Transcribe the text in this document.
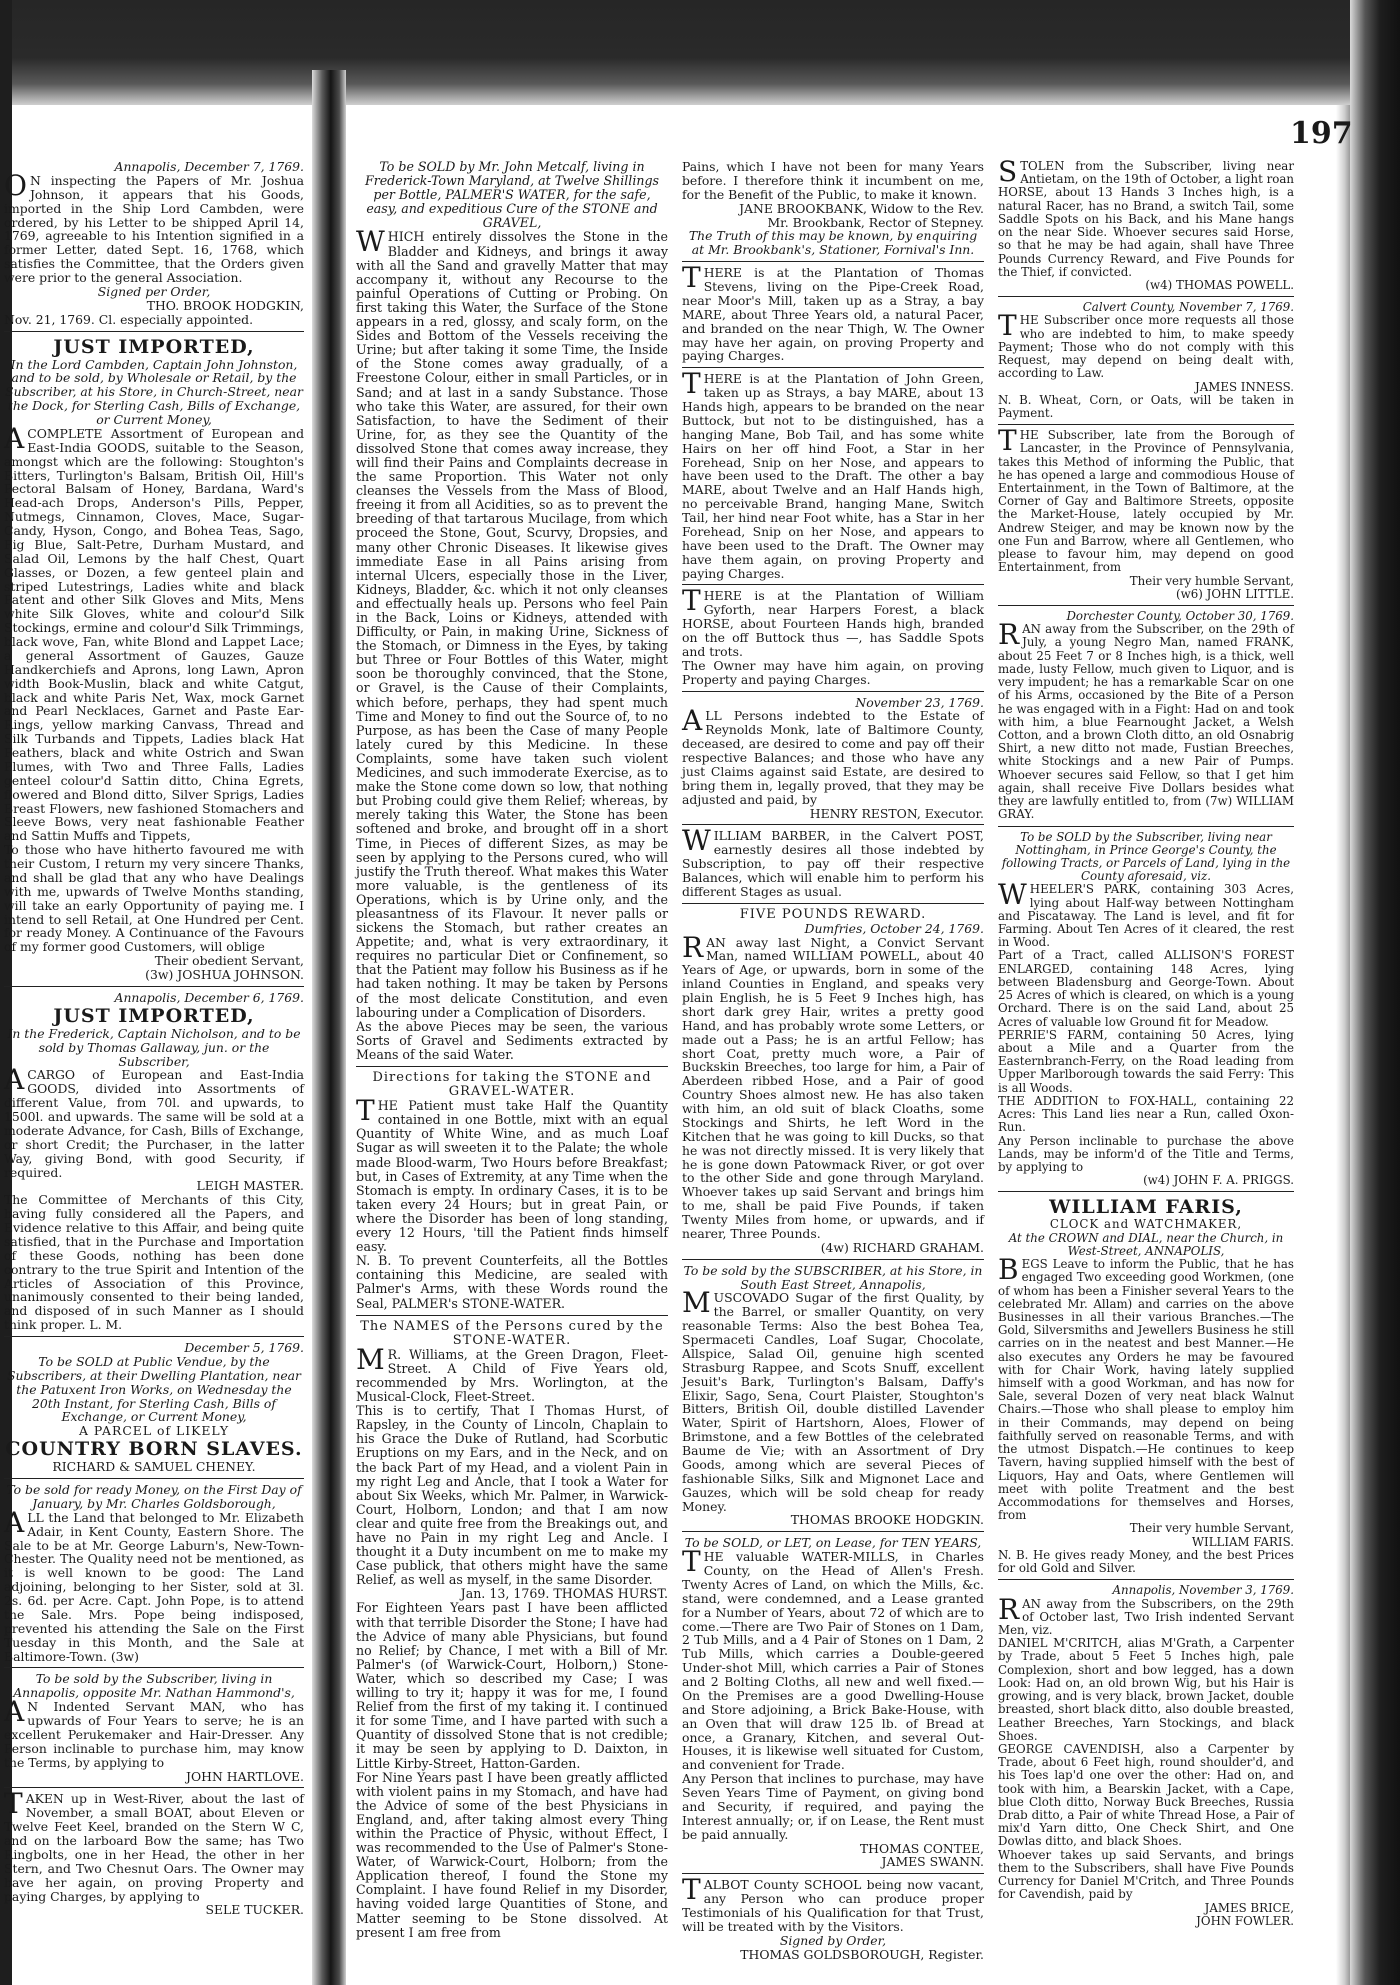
197

Annapolis, December 7, 1769.

ON inspecting the Papers of Mr. Joshua Johnson, it appears that his Goods, imported in the Ship Lord Cambden, were ordered, by his Letter to be shipped April 14, 1769, agreeable to his Intention signified in a former Letter, dated Sept. 16, 1768, which satisfies the Committee, that the Orders given were prior to the general Association.

Signed per Order,

THO. BROOK HODGKIN,

Nov. 21, 1769. Cl. especially appointed.

JUST IMPORTED,

In the Lord Cambden, Captain John Johnston, and to be sold, by Wholesale or Retail, by the Subscriber, at his Store, in Church-Street, near the Dock, for Sterling Cash, Bills of Exchange, or Current Money,

ACOMPLETE Assortment of European and East-India GOODS, suitable to the Season, amongst which are the following: Stoughton's Bitters, Turlington's Balsam, British Oil, Hill's Pectoral Balsam of Honey, Bardana, Ward's Head-ach Drops, Anderson's Pills, Pepper, Nutmegs, Cinnamon, Cloves, Mace, Sugar-Candy, Hyson, Congo, and Bohea Teas, Sago, Fig Blue, Salt-Petre, Durham Mustard, and Salad Oil, Lemons by the half Chest, Quart Glasses, or Dozen, a few genteel plain and striped Lutestrings, Ladies white and black Patent and other Silk Gloves and Mits, Mens white Silk Gloves, white and colour'd Silk Stockings, ermine and colour'd Silk Trimmings, black wove, Fan, white Blond and Lappet Lace; a general Assortment of Gauzes, Gauze Handkerchiefs and Aprons, long Lawn, Apron width Book-Muslin, black and white Catgut, black and white Paris Net, Wax, mock Garnet and Pearl Necklaces, Garnet and Paste Ear-Rings, yellow marking Canvass, Thread and Silk Turbands and Tippets, Ladies black Hat Feathers, black and white Ostrich and Swan Plumes, with Two and Three Falls, Ladies genteel colour'd Sattin ditto, China Egrets, flowered and Blond ditto, Silver Sprigs, Ladies Breast Flowers, new fashioned Stomachers and Sleeve Bows, very neat fashionable Feather and Sattin Muffs and Tippets,

To those who have hitherto favoured me with their Custom, I return my very sincere Thanks, and shall be glad that any who have Dealings with me, upwards of Twelve Months standing, will take an early Opportunity of paying me. I intend to sell Retail, at One Hundred per Cent. for ready Money. A Continuance of the Favours of my former good Customers, will oblige

Their obedient Servant,

(3w) JOSHUA JOHNSON.

Annapolis, December 6, 1769.

JUST IMPORTED,

In the Frederick, Captain Nicholson, and to be sold by Thomas Gallaway, jun. or the Subscriber,

ACARGO of European and East-India GOODS, divided into Assortments of different Value, from 70l. and upwards, to 1500l. and upwards. The same will be sold at a moderate Advance, for Cash, Bills of Exchange, or short Credit; the Purchaser, in the latter Way, giving Bond, with good Security, if required.

LEIGH MASTER.

The Committee of Merchants of this City, having fully considered all the Papers, and Evidence relative to this Affair, and being quite satisfied, that in the Purchase and Importation of these Goods, nothing has been done contrary to the true Spirit and Intention of the Articles of Association of this Province, unanimously consented to their being landed, and disposed of in such Manner as I should think proper. L. M.

December 5, 1769.

To be SOLD at Public Vendue, by the Subscribers, at their Dwelling Plantation, near the Patuxent Iron Works, on Wednesday the 20th Instant, for Sterling Cash, Bills of Exchange, or Current Money,

A PARCEL of LIKELY

COUNTRY BORN SLAVES.

RICHARD & SAMUEL CHENEY.

To be sold for ready Money, on the First Day of January, by Mr. Charles Goldsborough,

ALL the Land that belonged to Mr. Elizabeth Adair, in Kent County, Eastern Shore. The Sale to be at Mr. George Laburn's, New-Town-Chester. The Quality need not be mentioned, as it is well known to be good: The Land adjoining, belonging to her Sister, sold at 3l. 2s. 6d. per Acre. Capt. John Pope, is to attend the Sale. Mrs. Pope being indisposed, prevented his attending the Sale on the First Tuesday in this Month, and the Sale at Baltimore-Town. (3w)

To be sold by the Subscriber, living in Annapolis, opposite Mr. Nathan Hammond's,

AN Indented Servant MAN, who has upwards of Four Years to serve; he is an excellent Perukemaker and Hair-Dresser. Any Person inclinable to purchase him, may know the Terms, by applying to

JOHN HARTLOVE.

TAKEN up in West-River, about the last of November, a small BOAT, about Eleven or Twelve Feet Keel, branded on the Stern W C, and on the larboard Bow the same; has Two Ringbolts, one in her Head, the other in her Stern, and Two Chesnut Oars. The Owner may have her again, on proving Property and paying Charges, by applying to

SELE TUCKER.

To be SOLD by Mr. John Metcalf, living in Frederick-Town Maryland, at Twelve Shillings per Bottle, PALMER'S WATER, for the safe, easy, and expeditious Cure of the STONE and GRAVEL,

WHICH entirely dissolves the Stone in the Bladder and Kidneys, and brings it away with all the Sand and gravelly Matter that may accompany it, without any Recourse to the painful Operations of Cutting or Probing. On first taking this Water, the Surface of the Stone appears in a red, glossy, and scaly form, on the Sides and Bottom of the Vessels receiving the Urine; but after taking it some Time, the Inside of the Stone comes away gradually, of a Freestone Colour, either in small Particles, or in Sand; and at last in a sandy Substance. Those who take this Water, are assured, for their own Satisfaction, to have the Sediment of their Urine, for, as they see the Quantity of the dissolved Stone that comes away increase, they will find their Pains and Complaints decrease in the same Proportion. This Water not only cleanses the Vessels from the Mass of Blood, freeing it from all Acidities, so as to prevent the breeding of that tartarous Mucilage, from which proceed the Stone, Gout, Scurvy, Dropsies, and many other Chronic Diseases. It likewise gives immediate Ease in all Pains arising from internal Ulcers, especially those in the Liver, Kidneys, Bladder, &c. which it not only cleanses and effectually heals up. Persons who feel Pain in the Back, Loins or Kidneys, attended with Difficulty, or Pain, in making Urine, Sickness of the Stomach, or Dimness in the Eyes, by taking but Three or Four Bottles of this Water, might soon be thoroughly convinced, that the Stone, or Gravel, is the Cause of their Complaints, which before, perhaps, they had spent much Time and Money to find out the Source of, to no Purpose, as has been the Case of many People lately cured by this Medicine. In these Complaints, some have taken such violent Medicines, and such immoderate Exercise, as to make the Stone come down so low, that nothing but Probing could give them Relief; whereas, by merely taking this Water, the Stone has been softened and broke, and brought off in a short Time, in Pieces of different Sizes, as may be seen by applying to the Persons cured, who will justify the Truth thereof. What makes this Water more valuable, is the gentleness of its Operations, which is by Urine only, and the pleasantness of its Flavour. It never palls or sickens the Stomach, but rather creates an Appetite; and, what is very extraordinary, it requires no particular Diet or Confinement, so that the Patient may follow his Business as if he had taken nothing. It may be taken by Persons of the most delicate Constitution, and even labouring under a Complication of Disorders.

As the above Pieces may be seen, the various Sorts of Gravel and Sediments extracted by Means of the said Water.

Directions for taking the STONE and GRAVEL-WATER.

THE Patient must take Half the Quantity contained in one Bottle, mixt with an equal Quantity of White Wine, and as much Loaf Sugar as will sweeten it to the Palate; the whole made Blood-warm, Two Hours before Breakfast; but, in Cases of Extremity, at any Time when the Stomach is empty. In ordinary Cases, it is to be taken every 24 Hours; but in great Pain, or where the Disorder has been of long standing, every 12 Hours, 'till the Patient finds himself easy.

N. B. To prevent Counterfeits, all the Bottles containing this Medicine, are sealed with Palmer's Arms, with these Words round the Seal, PALMER's STONE-WATER.

The NAMES of the Persons cured by the STONE-WATER.

MR. Williams, at the Green Dragon, Fleet-Street. A Child of Five Years old, recommended by Mrs. Worlington, at the Musical-Clock, Fleet-Street.

This is to certify, That I Thomas Hurst, of Rapsley, in the County of Lincoln, Chaplain to his Grace the Duke of Rutland, had Scorbutic Eruptions on my Ears, and in the Neck, and on the back Part of my Head, and a violent Pain in my right Leg and Ancle, that I took a Water for about Six Weeks, which Mr. Palmer, in Warwick-Court, Holborn, London; and that I am now clear and quite free from the Breakings out, and have no Pain in my right Leg and Ancle. I thought it a Duty incumbent on me to make my Case publick, that others might have the same Relief, as well as myself, in the same Disorder.

Jan. 13, 1769. THOMAS HURST.

For Eighteen Years past I have been afflicted with that terrible Disorder the Stone; I have had the Advice of many able Physicians, but found no Relief; by Chance, I met with a Bill of Mr. Palmer's (of Warwick-Court, Holborn,) Stone-Water, which so described my Case; I was willing to try it; happy it was for me, I found Relief from the first of my taking it. I continued it for some Time, and I have parted with such a Quantity of dissolved Stone that is not credible; it may be seen by applying to D. Daixton, in Little Kirby-Street, Hatton-Garden.

For Nine Years past I have been greatly afflicted with violent pains in my Stomach, and have had the Advice of some of the best Physicians in England, and, after taking almost every Thing within the Practice of Physic, without Effect, I was recommended to the Use of Palmer's Stone-Water, of Warwick-Court, Holborn; from the Application thereof, I found the Stone my Complaint. I have found Relief in my Disorder, having voided large Quantities of Stone, and Matter seeming to be Stone dissolved. At present I am free from

Pains, which I have not been for many Years before. I therefore think it incumbent on me, for the Benefit of the Public, to make it known.

JANE BROOKBANK, Widow to the Rev.

Mr. Brookbank, Rector of Stepney.

The Truth of this may be known, by enquiring at Mr. Brookbank's, Stationer, Fornival's Inn.

THERE is at the Plantation of Thomas Stevens, living on the Pipe-Creek Road, near Moor's Mill, taken up as a Stray, a bay MARE, about Three Years old, a natural Pacer, and branded on the near Thigh, W. The Owner may have her again, on proving Property and paying Charges.

THERE is at the Plantation of John Green, taken up as Strays, a bay MARE, about 13 Hands high, appears to be branded on the near Buttock, but not to be distinguished, has a hanging Mane, Bob Tail, and has some white Hairs on her off hind Foot, a Star in her Forehead, Snip on her Nose, and appears to have been used to the Draft. The other a bay MARE, about Twelve and an Half Hands high, no perceivable Brand, hanging Mane, Switch Tail, her hind near Foot white, has a Star in her Forehead, Snip on her Nose, and appears to have been used to the Draft. The Owner may have them again, on proving Property and paying Charges.

THERE is at the Plantation of William Gyforth, near Harpers Forest, a black HORSE, about Fourteen Hands high, branded on the off Buttock thus —, has Saddle Spots and trots.

The Owner may have him again, on proving Property and paying Charges.

November 23, 1769.

ALL Persons indebted to the Estate of Reynolds Monk, late of Baltimore County, deceased, are desired to come and pay off their respective Balances; and those who have any just Claims against said Estate, are desired to bring them in, legally proved, that they may be adjusted and paid, by

HENRY RESTON, Executor.

WILLIAM BARBER, in the Calvert POST, earnestly desires all those indebted by Subscription, to pay off their respective Balances, which will enable him to perform his different Stages as usual.

FIVE POUNDS REWARD.

Dumfries, October 24, 1769.

RAN away last Night, a Convict Servant Man, named WILLIAM POWELL, about 40 Years of Age, or upwards, born in some of the inland Counties in England, and speaks very plain English, he is 5 Feet 9 Inches high, has short dark grey Hair, writes a pretty good Hand, and has probably wrote some Letters, or made out a Pass; he is an artful Fellow; has short Coat, pretty much wore, a Pair of Buckskin Breeches, too large for him, a Pair of Aberdeen ribbed Hose, and a Pair of good Country Shoes almost new. He has also taken with him, an old suit of black Cloaths, some Stockings and Shirts, he left Word in the Kitchen that he was going to kill Ducks, so that he was not directly missed. It is very likely that he is gone down Patowmack River, or got over to the other Side and gone through Maryland. Whoever takes up said Servant and brings him to me, shall be paid Five Pounds, if taken Twenty Miles from home, or upwards, and if nearer, Three Pounds.

(4w) RICHARD GRAHAM.

To be sold by the SUBSCRIBER, at his Store, in South East Street, Annapolis,

MUSCOVADO Sugar of the first Quality, by the Barrel, or smaller Quantity, on very reasonable Terms: Also the best Bohea Tea, Spermaceti Candles, Loaf Sugar, Chocolate, Allspice, Salad Oil, genuine high scented Strasburg Rappee, and Scots Snuff, excellent Jesuit's Bark, Turlington's Balsam, Daffy's Elixir, Sago, Sena, Court Plaister, Stoughton's Bitters, British Oil, double distilled Lavender Water, Spirit of Hartshorn, Aloes, Flower of Brimstone, and a few Bottles of the celebrated Baume de Vie; with an Assortment of Dry Goods, among which are several Pieces of fashionable Silks, Silk and Mignonet Lace and Gauzes, which will be sold cheap for ready Money.

THOMAS BROOKE HODGKIN.

To be SOLD, or LET, on Lease, for TEN YEARS,

THE valuable WATER-MILLS, in Charles County, on the Head of Allen's Fresh. Twenty Acres of Land, on which the Mills, &c. stand, were condemned, and a Lease granted for a Number of Years, about 72 of which are to come.—There are Two Pair of Stones on 1 Dam, 2 Tub Mills, and a 4 Pair of Stones on 1 Dam, 2 Tub Mills, which carries a Double-geered Under-shot Mill, which carries a Pair of Stones and 2 Bolting Cloths, all new and well fixed.—On the Premises are a good Dwelling-House and Store adjoining, a Brick Bake-House, with an Oven that will draw 125 lb. of Bread at once, a Granary, Kitchen, and several Out-Houses, it is likewise well situated for Custom, and convenient for Trade.

Any Person that inclines to purchase, may have Seven Years Time of Payment, on giving bond and Security, if required, and paying the Interest annually; or, if on Lease, the Rent must be paid annually.

THOMAS CONTEE,

JAMES SWANN.

TALBOT County SCHOOL being now vacant, any Person who can produce proper Testimonials of his Qualification for that Trust, will be treated with by the Visitors.

Signed by Order,

THOMAS GOLDSBOROUGH, Register.

STOLEN from the Subscriber, living near Antietam, on the 19th of October, a light roan HORSE, about 13 Hands 3 Inches high, is a natural Racer, has no Brand, a switch Tail, some Saddle Spots on his Back, and his Mane hangs on the near Side. Whoever secures said Horse, so that he may be had again, shall have Three Pounds Currency Reward, and Five Pounds for the Thief, if convicted.

(w4) THOMAS POWELL.

Calvert County, November 7, 1769.

THE Subscriber once more requests all those who are indebted to him, to make speedy Payment; Those who do not comply with this Request, may depend on being dealt with, according to Law.

JAMES INNESS.

N. B. Wheat, Corn, or Oats, will be taken in Payment.

THE Subscriber, late from the Borough of Lancaster, in the Province of Pennsylvania, takes this Method of informing the Public, that he has opened a large and commodious House of Entertainment, in the Town of Baltimore, at the Corner of Gay and Baltimore Streets, opposite the Market-House, lately occupied by Mr. Andrew Steiger, and may be known now by the one Fun and Barrow, where all Gentlemen, who please to favour him, may depend on good Entertainment, from

Their very humble Servant,

(w6) JOHN LITTLE.

Dorchester County, October 30, 1769.

RAN away from the Subscriber, on the 29th of July, a young Negro Man, named FRANK, about 25 Feet 7 or 8 Inches high, is a thick, well made, lusty Fellow, much given to Liquor, and is very impudent; he has a remarkable Scar on one of his Arms, occasioned by the Bite of a Person he was engaged with in a Fight: Had on and took with him, a blue Fearnought Jacket, a Welsh Cotton, and a brown Cloth ditto, an old Osnabrig Shirt, a new ditto not made, Fustian Breeches, white Stockings and a new Pair of Pumps. Whoever secures said Fellow, so that I get him again, shall receive Five Dollars besides what they are lawfully entitled to, from (7w) WILLIAM GRAY.

To be SOLD by the Subscriber, living near Nottingham, in Prince George's County, the following Tracts, or Parcels of Land, lying in the County aforesaid, viz.

WHEELER'S PARK, containing 303 Acres, lying about Half-way between Nottingham and Piscataway. The Land is level, and fit for Farming. About Ten Acres of it cleared, the rest in Wood.

Part of a Tract, called ALLISON'S FOREST ENLARGED, containing 148 Acres, lying between Bladensburg and George-Town. About 25 Acres of which is cleared, on which is a young Orchard. There is on the said Land, about 25 Acres of valuable low Ground fit for Meadow.

PERRIE'S FARM, containing 50 Acres, lying about a Mile and a Quarter from the Easternbranch-Ferry, on the Road leading from Upper Marlborough towards the said Ferry: This is all Woods.

THE ADDITION to FOX-HALL, containing 22 Acres: This Land lies near a Run, called Oxon-Run.

Any Person inclinable to purchase the above Lands, may be inform'd of the Title and Terms, by applying to

(w4) JOHN F. A. PRIGGS.

WILLIAM FARIS,

CLOCK and WATCHMAKER,

At the CROWN and DIAL, near the Church, in West-Street, ANNAPOLIS,

BEGS Leave to inform the Public, that he has engaged Two exceeding good Workmen, (one of whom has been a Finisher several Years to the celebrated Mr. Allam) and carries on the above Businesses in all their various Branches.—The Gold, Silversmiths and Jewellers Business he still carries on in the neatest and best Manner.—He also executes any Orders he may be favoured with for Chair Work, having lately supplied himself with a good Workman, and has now for Sale, several Dozen of very neat black Walnut Chairs.—Those who shall please to employ him in their Commands, may depend on being faithfully served on reasonable Terms, and with the utmost Dispatch.—He continues to keep Tavern, having supplied himself with the best of Liquors, Hay and Oats, where Gentlemen will meet with polite Treatment and the best Accommodations for themselves and Horses, from

Their very humble Servant,

WILLIAM FARIS.

N. B. He gives ready Money, and the best Prices for old Gold and Silver.

Annapolis, November 3, 1769.

RAN away from the Subscribers, on the 29th of October last, Two Irish indented Servant Men, viz.

DANIEL M'CRITCH, alias M'Grath, a Carpenter by Trade, about 5 Feet 5 Inches high, pale Complexion, short and bow legged, has a down Look: Had on, an old brown Wig, but his Hair is growing, and is very black, brown Jacket, double breasted, short black ditto, also double breasted, Leather Breeches, Yarn Stockings, and black Shoes.

GEORGE CAVENDISH, also a Carpenter by Trade, about 6 Feet high, round shoulder'd, and his Toes lap'd one over the other: Had on, and took with him, a Bearskin Jacket, with a Cape, blue Cloth ditto, Norway Buck Breeches, Russia Drab ditto, a Pair of white Thread Hose, a Pair of mix'd Yarn ditto, One Check Shirt, and One Dowlas ditto, and black Shoes.

Whoever takes up said Servants, and brings them to the Subscribers, shall have Five Pounds Currency for Daniel M'Critch, and Three Pounds for Cavendish, paid by

JAMES BRICE,

JOHN FOWLER.
